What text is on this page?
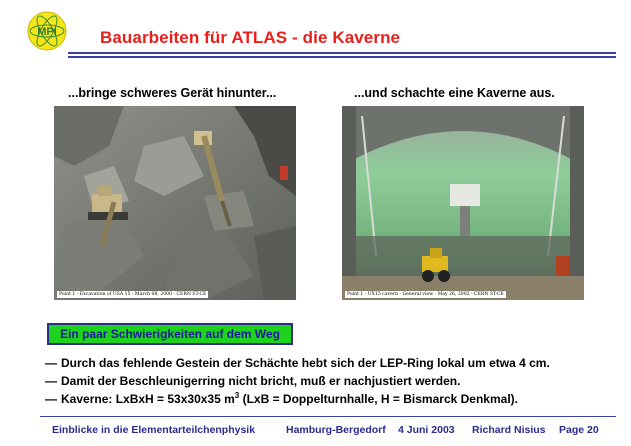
MPI	Bauarbeiten für ATLAS - die Kaverne
...bringe schweres Gerät hinunter...	...und schachte eine Kaverne aus.
Point 1 - Excavation of USA 15 - March 08, 2000 - CERN ST-CE	Point 1 - UX15 cavern - General view - May 26, 2002 - CERN ST-CE
Ein paar Schwierigkeiten auf dem Weg
— Durch das fehlende Gestein der Schächte hebt sich der LEP-Ring lokal um etwa 4 cm.
— Damit der Beschleunigerring nicht bricht, muß er nachjustiert werden.
— Kaverne: LxBxH = 53x30x35 $m^3$ (LxB = Doppelturnhalle, H = Bismarck Denkmal).
Einblicke in die Elementarteilchenphysik	Hamburg-Bergedorf 4 Juni 2003 Richard Nisius Page 20
